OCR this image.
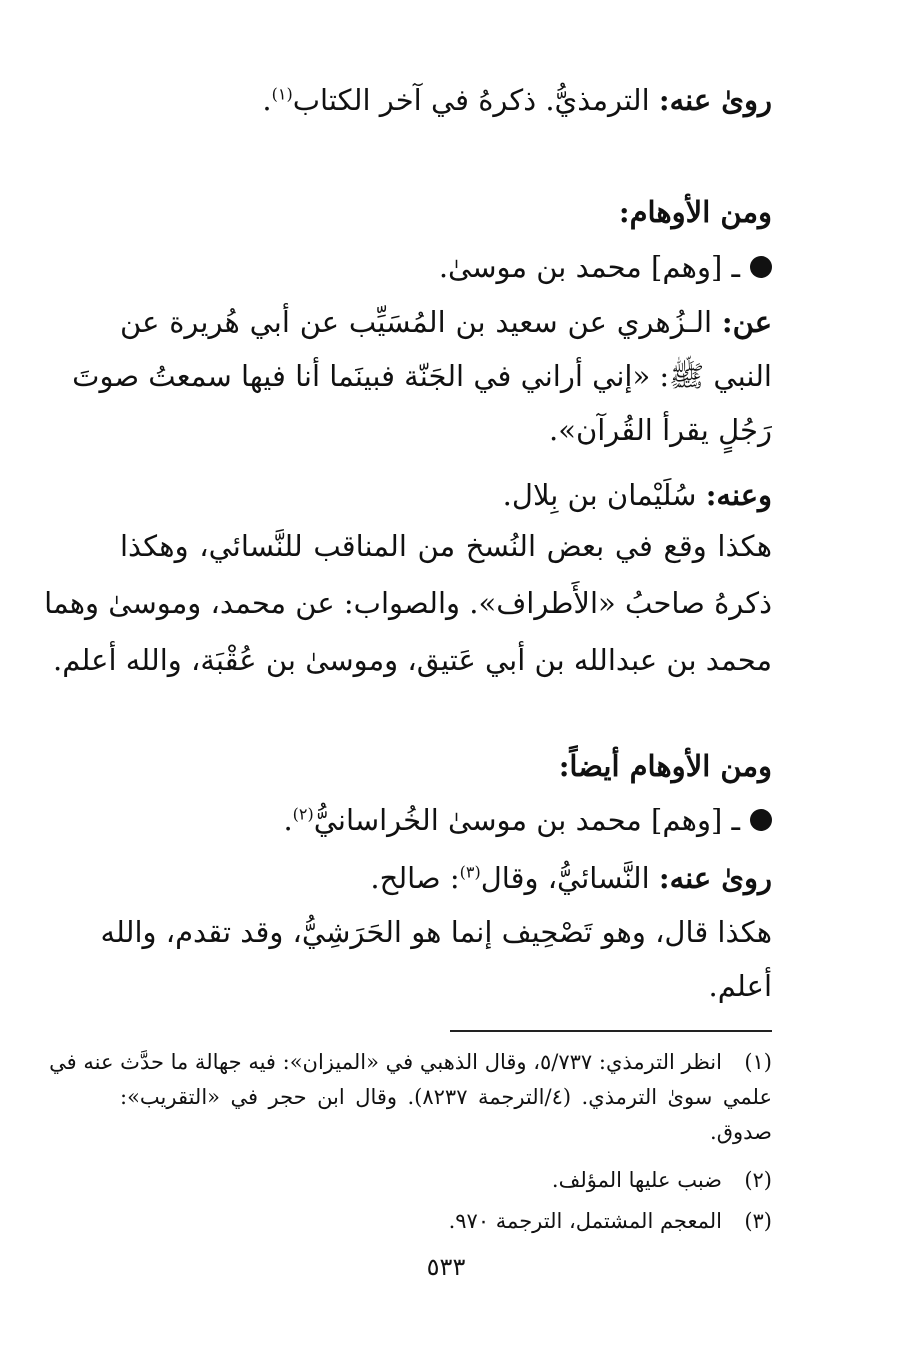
رویٰ عنه: الترمذيُّ. ذكرهُ في آخر الكتاب$^{(١)}$.
ومن الأوهام:
ـ [وهم] محمد بن موسىٰ.
عن: الـزُهري عن سعيد بن المُسَيِّب عن أبي هُريرة عن
النبي ﷺ: «إني أراني في الجَنّة فبينَما أنا فيها سمعتُ صوتَ
رَجُلٍ يقرأ القُرآن».
وعنه: سُلَيْمان بن بِلال.
هكذا وقع في بعض النُسخ من المناقب للنَّسائي، وهكذا
ذكرهُ صاحبُ «الأَطراف». والصواب: عن محمد، وموسىٰ وهما
محمد بن عبدالله بن أبي عَتيق، وموسىٰ بن عُقْبَة، والله أعلم.
ومن الأوهام أيضاً:
ـ [وهم] محمد بن موسىٰ الخُراسانيُّ$^{(٢)}$.
رویٰ عنه: النَّسائيُّ، وقال$^{(٣)}$: صالح.
هكذا قال، وهو تَصْحِيف إنما هو الحَرَشِيُّ، وقد تقدم، والله
أعلم.
(١)
انظر الترمذي: ٥/٧٣٧، وقال الذهبي في «الميزان»: فيه جهالة ما حدَّث عنه في
علمي سوىٰ الترمذي. (٤/الترجمة ٨٢٣٧). وقال ابن حجر في «التقريب»:
صدوق.
(٢)
ضبب عليها المؤلف.
(٣)
المعجم المشتمل، الترجمة ٩٧٠.
٥٣٣
